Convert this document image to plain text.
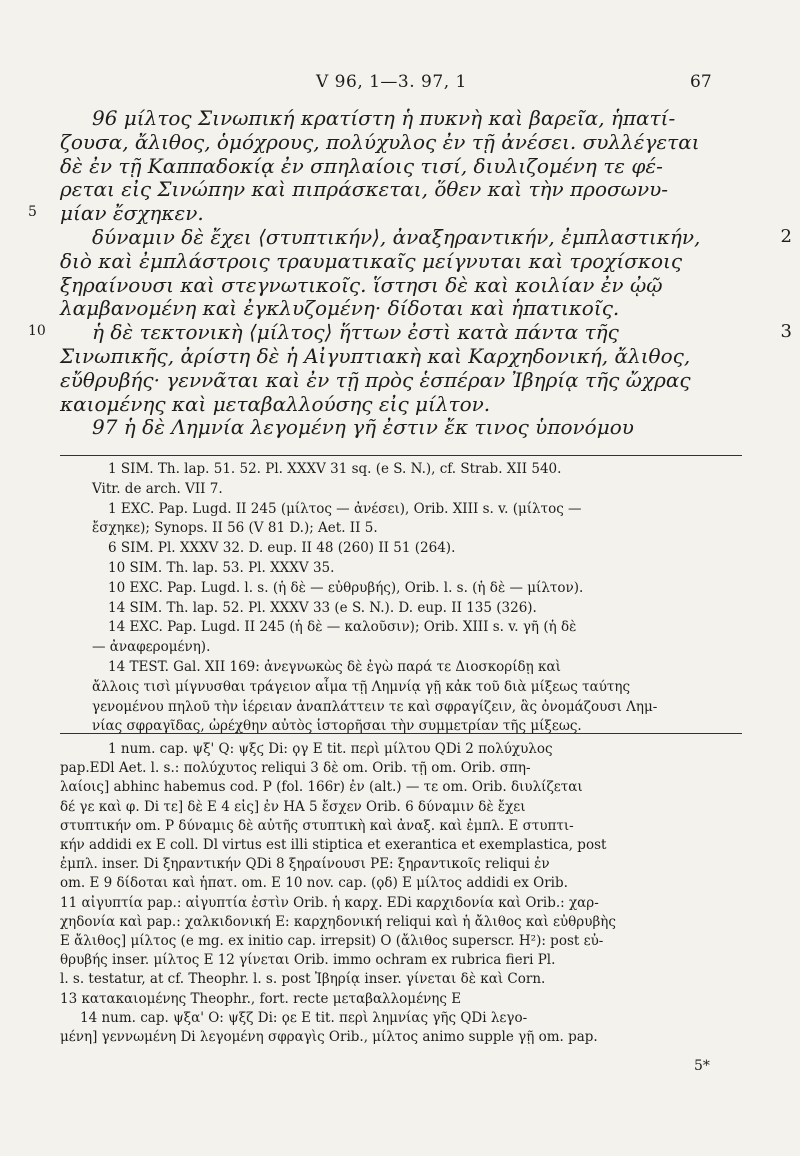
V 96, 1—3. 97, 1	67
96 μίλτος Σινωπική κρατίστη ἡ πυκνὴ καὶ βαρεῖα, ἡπατί-
ζουσα, ἄλιθος, ὁμόχρους, πολύχυλος ἐν τῇ ἀνέσει. συλλέγεται
δὲ ἐν τῇ Καππαδοκίᾳ ἐν σπηλαίοις τισί, διυλιζομένη τε φέ-
ρεται εἰς Σινώπην καὶ πιπράσκεται, ὅθεν καὶ τὴν προσωνυ-
μίαν ἔσχηκεν.
5
δύναμιν δὲ ἔχει ⟨στυπτικήν⟩, ἀναξηραντικήν, ἐμπλαστικήν,	2
διὸ καὶ ἐμπλάστροις τραυματικαῖς μείγνυται καὶ τροχίσκοις
ξηραίνουσι καὶ στεγνωτικοῖς. ἵστησι δὲ καὶ κοιλίαν ἐν ᾠῷ
λαμβανομένη καὶ ἐγκλυζομένη· δίδοται καὶ ἡπατικοῖς.
ἡ δὲ τεκτονικὴ ⟨μίλτος⟩ ἥττων ἐστὶ κατὰ πάντα τῆς
10	3
Σινωπικῆς, ἀρίστη δὲ ἡ Αἰγυπτιακὴ καὶ Καρχηδονική, ἄλιθος,
εὔθρυβής· γεννᾶται καὶ ἐν τῇ πρὸς ἑσπέραν Ἰβηρίᾳ τῆς ὤχρας
καιομένης καὶ μεταβαλλούσης εἰς μίλτον.
97 ἡ δὲ Λημνία λεγομένη γῆ ἐστιν ἔκ τινος ὑπονόμου
1 SIM. Th. lap. 51. 52. Pl. XXXV 31 sq. (e S. N.), cf. Strab. XII 540.
Vitr. de arch. VII 7.
1 EXC. Pap. Lugd. II 245 (μίλτος — ἀνέσει), Orib. XIII s. v. (μίλτος —
ἔσχηκε); Synops. II 56 (V 81 D.); Aet. II 5.
6 SIM. Pl. XXXV 32. D. eup. II 48 (260) II 51 (264).
10 SIM. Th. lap. 53. Pl. XXXV 35.
10 EXC. Pap. Lugd. l. s. (ἡ δὲ — εὐθρυβής), Orib. l. s. (ἡ δὲ — μίλτον).
14 SIM. Th. lap. 52. Pl. XXXV 33 (e S. N.). D. eup. II 135 (326).
14 EXC. Pap. Lugd. II 245 (ἡ δὲ — καλοῦσιν); Orib. XIII s. v. γῆ (ἡ δὲ
— ἀναφερομένη).
14 TEST. Gal. XII 169: ἀνεγνωκὼς δὲ ἐγὼ παρά τε Διοσκορίδῃ καὶ
ἄλλοις τισὶ μίγνυσθαι τράγειον αἷμα τῇ Λημνίᾳ γῇ κἀκ τοῦ διὰ μίξεως ταύτης
γενομένου πηλοῦ τὴν ἱέρειαν ἀναπλάττειν τε καὶ σφραγίζειν, ἃς ὀνομάζουσι Λημ-
νίας σφραγῖδας, ὠρέχθην αὐτὸς ἱστορῆσαι τὴν συμμετρίαν τῆς μίξεως.
1 num. cap. ψξ' Q: ψξϛ Di: ϙγ E tit. περὶ μίλτου QDi 2 πολύχυλος
pap.EDl Aet. l. s.: πολύχυτος reliqui 3 δὲ om. Orib. τῇ om. Orib. σπη-
λαίοις] abhinc habemus cod. P (fol. 166r) ἐν (alt.) — τε om. Orib. διυλίζεται
δέ γε καὶ φ. Di τε] δὲ E 4 εἰς] ἐν HA 5 ἔσχεν Orib. 6 δύναμιν δὲ ἔχει
στυπτικήν om. P δύναμις δὲ αὐτῆς στυπτικὴ καὶ ἀναξ. καὶ ἐμπλ. E στυπτι-
κήν addidi ex E coll. Dl virtus est illi stiptica et exerantica et exemplastica, post
ἐμπλ. inser. Di ξηραντικήν QDi 8 ξηραίνουσι PE: ξηραντικοῖς reliqui ἐν
om. E 9 δίδοται καὶ ἡπατ. om. E 10 nov. cap. (ϙδ) E μίλτος addidi ex Orib.
11 αἰγυπτία pap.: αἰγυπτία ἐστὶν Orib. ἡ καρχ. EDi καρχιδονία καὶ Orib.: χαρ-
χηδονία καὶ pap.: χαλκιδονική E: καρχηδονική reliqui καὶ ἡ ἄλιθος καὶ εὐθρυβὴς
E ἄλιθος] μίλτος (e mg. ex initio cap. irrepsit) O (ἄλιθος superscr. H²): post εὐ-
θρυβής inser. μίλτος E 12 γίνεται Orib. immo ochram ex rubrica fieri Pl.
l. s. testatur, at cf. Theophr. l. s. post Ἰβηρίᾳ inser. γίνεται δὲ καὶ Corn.
13 κατακαιομένης Theophr., fort. recte μεταβαλλομένης E
14 num. cap. ψξα' O: ψξζ Di: ϙε E tit. περὶ λημνίας γῆς QDi λεγο-
μένη] γεννωμένη Di λεγομένη σφραγὶς Orib., μίλτος animo supple γῇ om. pap.
5*
